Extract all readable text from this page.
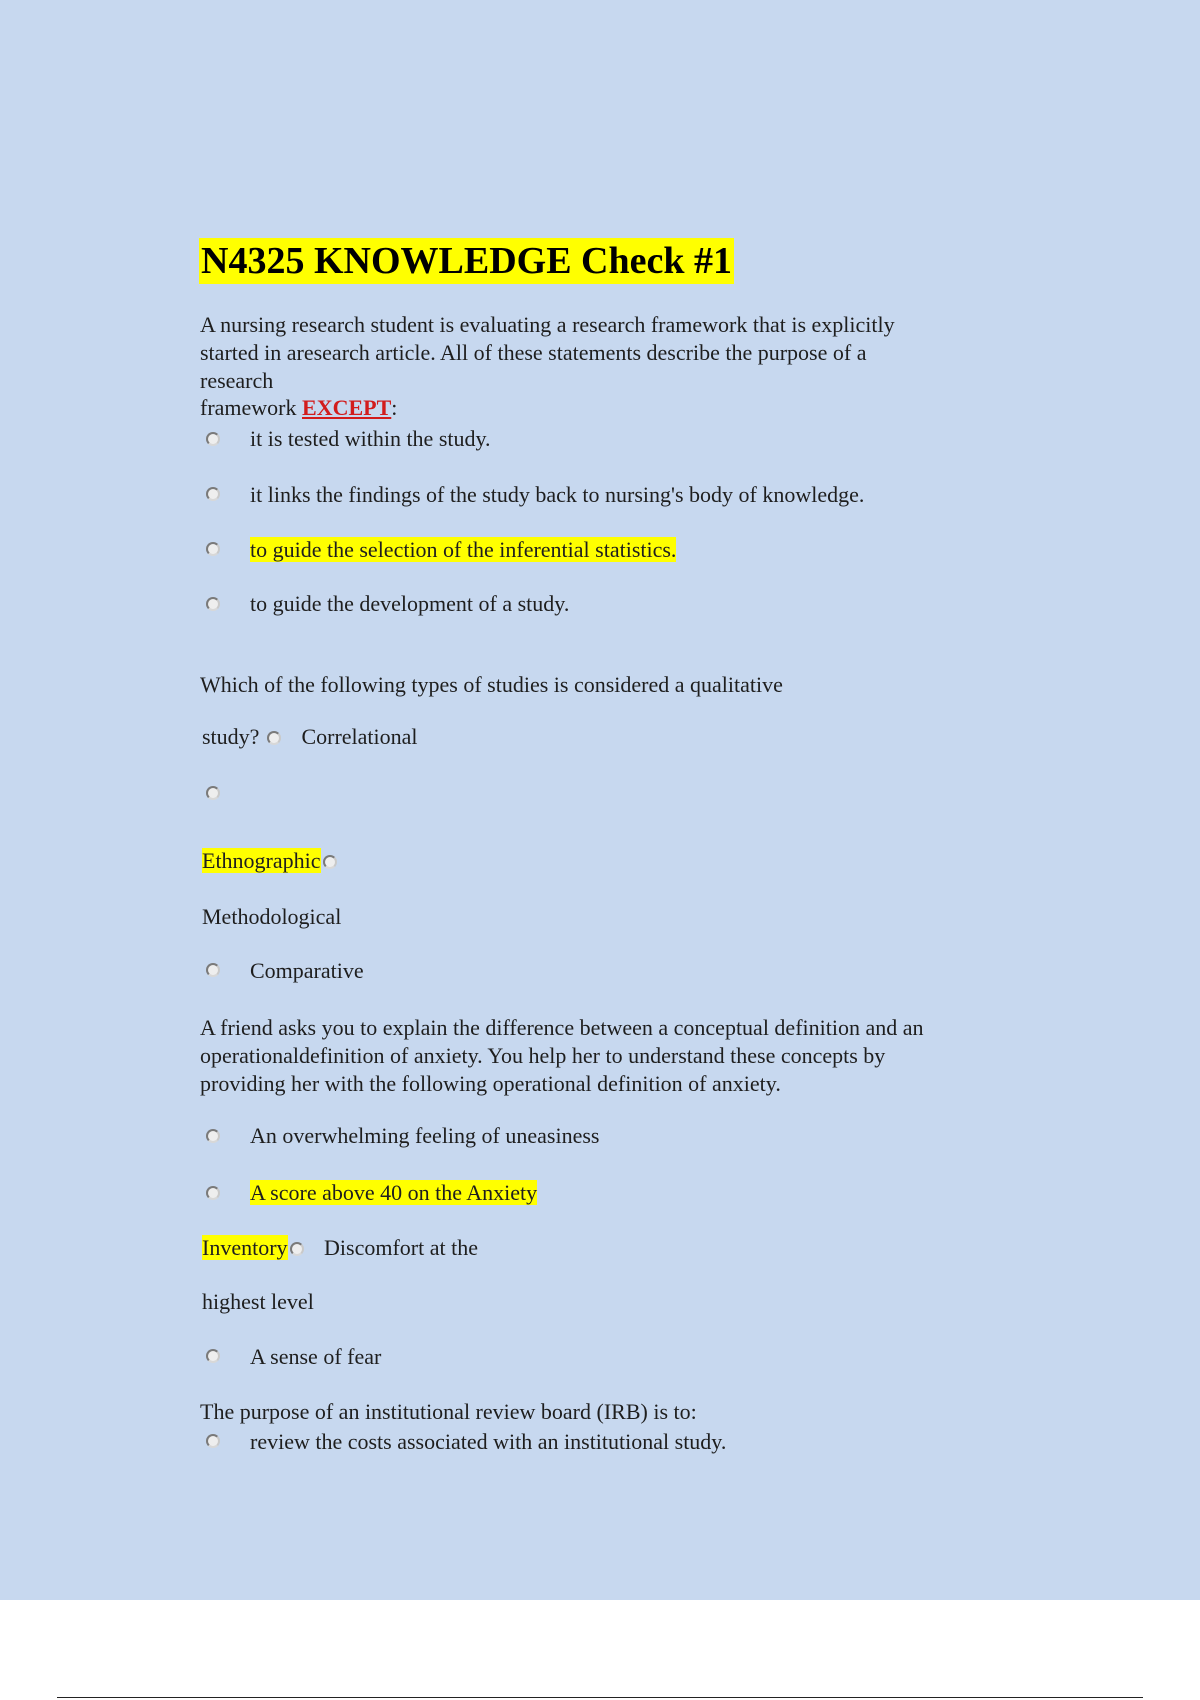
N4325 KNOWLEDGE Check #1
A nursing research student is evaluating a research framework that is explicitly
started in aresearch article. All of these statements describe the purpose of a
research
framework EXCEPT:
it is tested within the study.
it links the findings of the study back to nursing's body of knowledge.
to guide the selection of the inferential statistics.
to guide the development of a study.
Which of the following types of studies is considered a qualitative
study?    Correlational
Ethnographic
Methodological
Comparative
A friend asks you to explain the difference between a conceptual definition and an
operationaldefinition of anxiety. You help her to understand these concepts by
providing her with the following operational definition of anxiety.
An overwhelming feeling of uneasiness
A score above 40 on the Anxiety
Inventory Discomfort at the
highest level
A sense of fear
The purpose of an institutional review board (IRB) is to:
review the costs associated with an institutional study.
